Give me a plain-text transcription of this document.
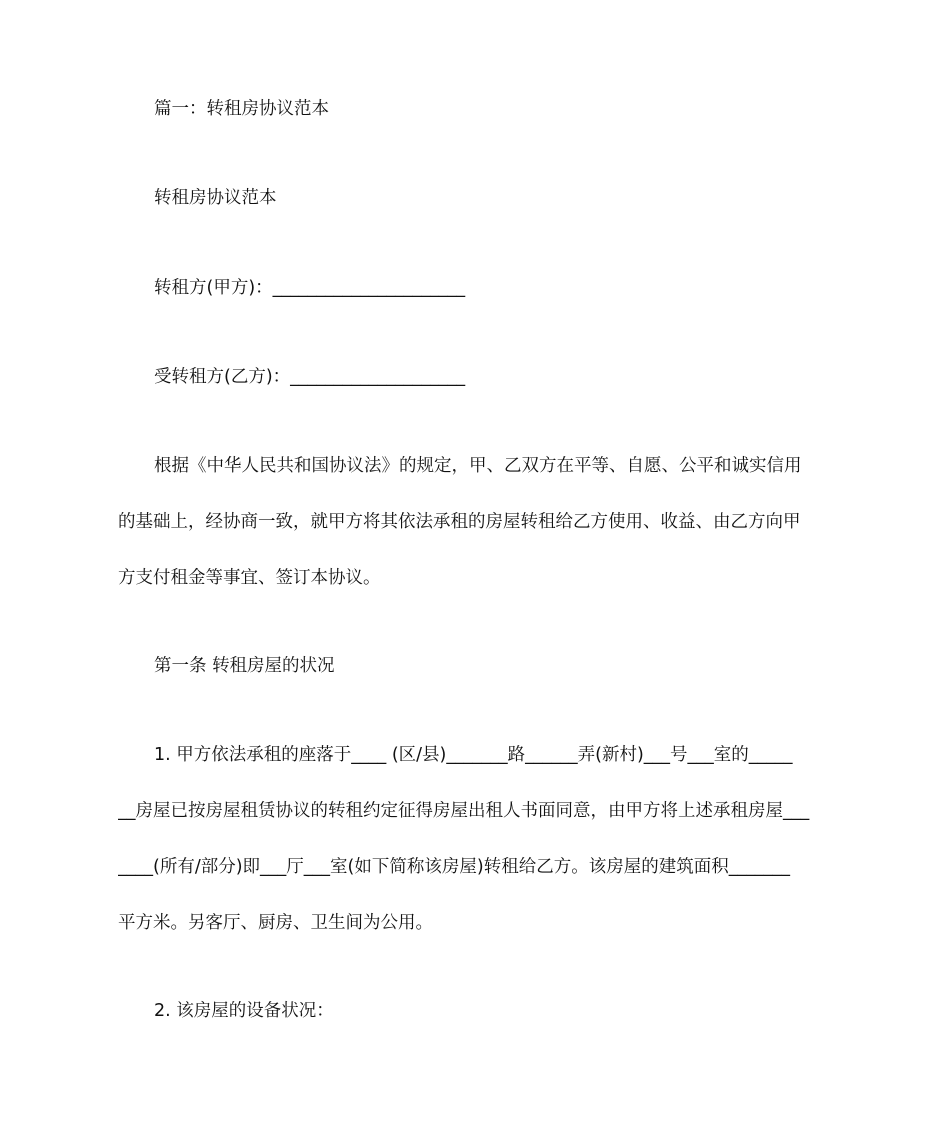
篇一：转租房协议范本
转租房协议范本
转租方(甲方)：______________________
受转租方(乙方)：____________________
根据《中华人民共和国协议法》的规定，甲、乙双方在平等、自愿、公平和诚实信用
的基础上，经协商一致，就甲方将其依法承租的房屋转租给乙方使用、收益、由乙方向甲
方支付租金等事宜、签订本协议。
第一条 转租房屋的状况
1. 甲方依法承租的座落于____ (区/县)_______路______弄(新村)___号___室的_____
__房屋已按房屋租赁协议的转租约定征得房屋出租人书面同意，由甲方将上述承租房屋___
____(所有/部分)即___厅___室(如下简称该房屋)转租给乙方。该房屋的建筑面积_______
平方米。另客厅、厨房、卫生间为公用。
2. 该房屋的设备状况：
